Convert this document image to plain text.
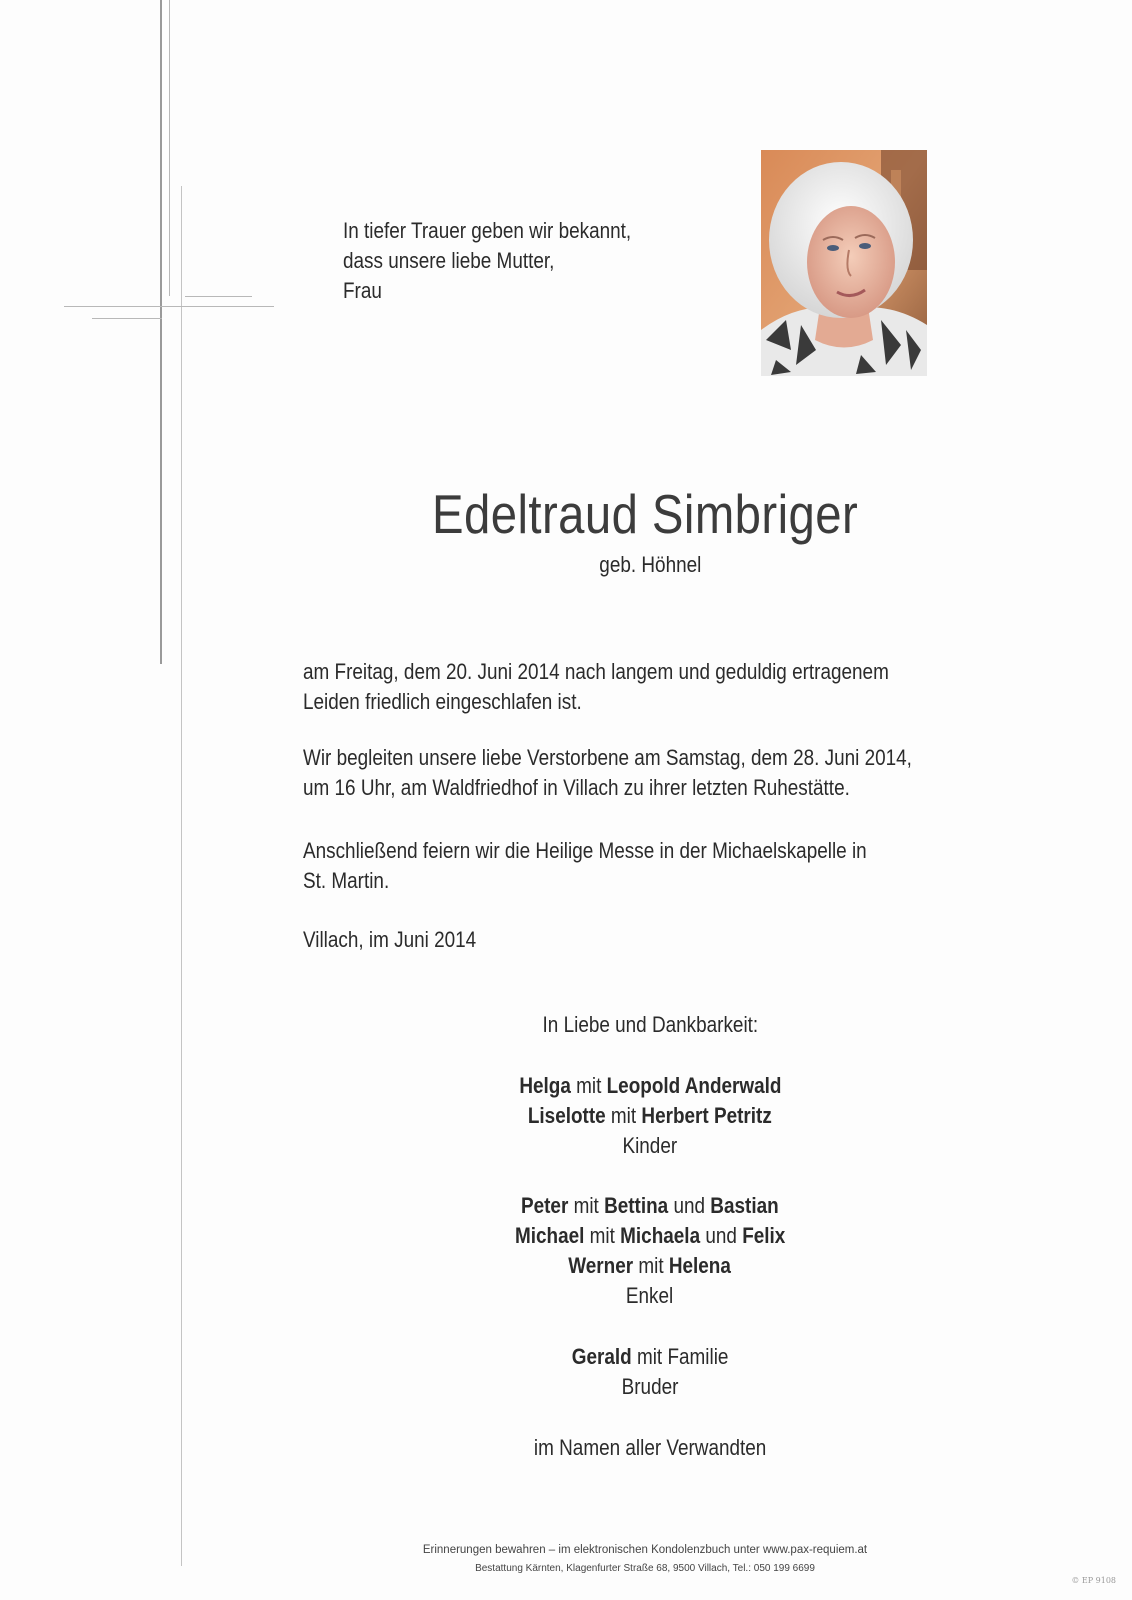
In tiefer Trauer geben wir bekannt,
dass unsere liebe Mutter,
Frau
Edeltraud Simbriger
geb. Höhnel
am Freitag, dem 20. Juni 2014 nach langem und geduldig ertragenem
Leiden friedlich eingeschlafen ist.
Wir begleiten unsere liebe Verstorbene am Samstag, dem 28. Juni 2014,
um 16 Uhr, am Waldfriedhof in Villach zu ihrer letzten Ruhestätte.
Anschließend feiern wir die Heilige Messe in der Michaelskapelle in
St. Martin.
Villach, im Juni 2014
In Liebe und Dankbarkeit:
Helga mit Leopold Anderwald
Liselotte mit Herbert Petritz
Kinder
Peter mit Bettina und Bastian
Michael mit Michaela und Felix
Werner mit Helena
Enkel
Gerald mit Familie
Bruder
im Namen aller Verwandten
Erinnerungen bewahren – im elektronischen Kondolenzbuch unter www.pax-requiem.at
Bestattung Kärnten, Klagenfurter Straße 68, 9500 Villach, Tel.: 050 199 6699
© EP 9108
